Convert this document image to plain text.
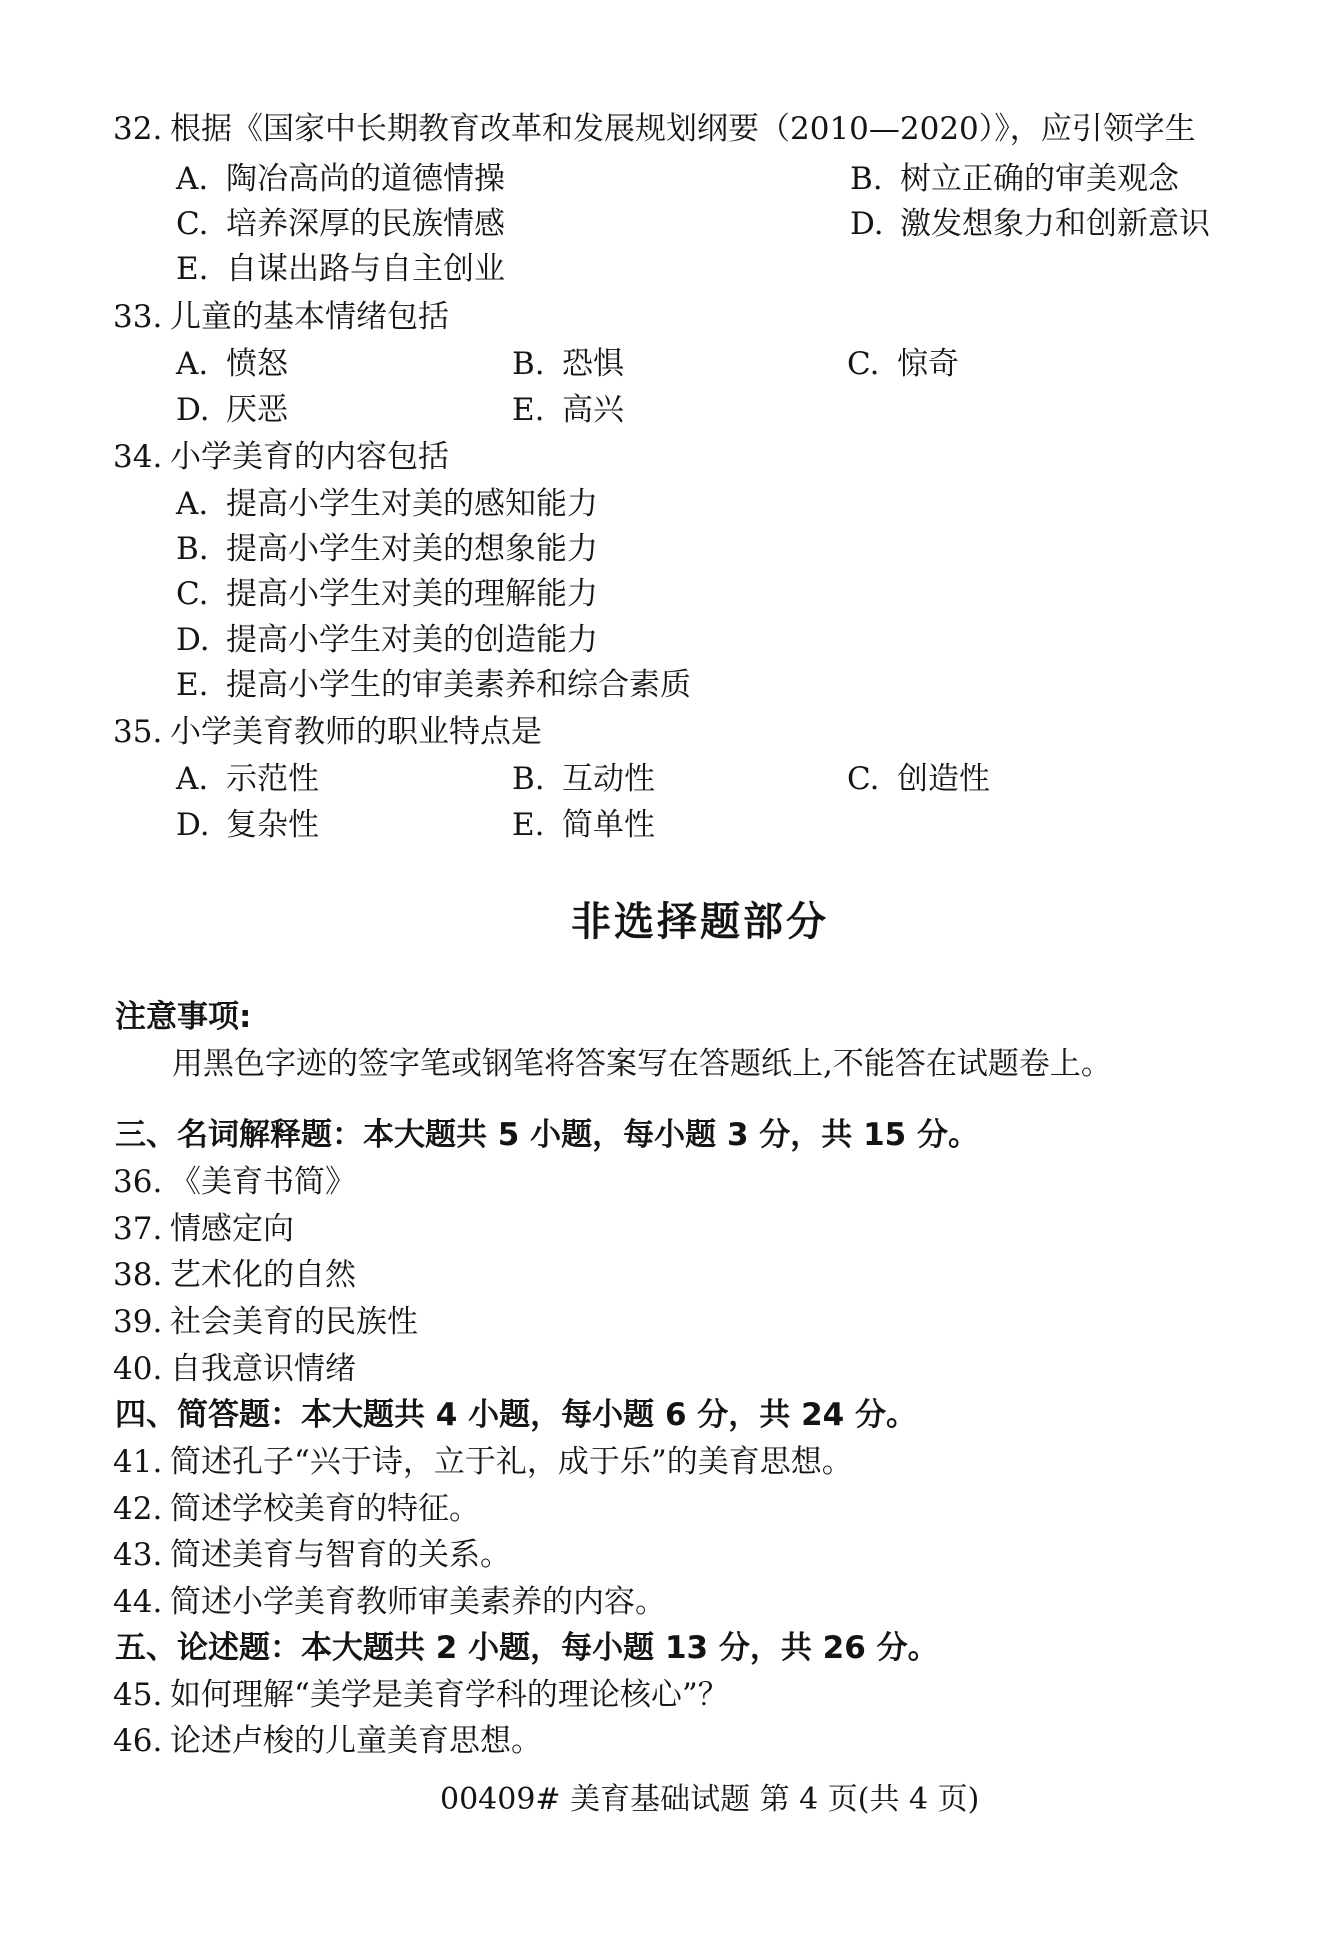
32. 根据《国家中长期教育改革和发展规划纲要（2010—2020）》，应引领学生
A. 陶冶高尚的道德情操	B. 树立正确的审美观念
C. 培养深厚的民族情感	D. 激发想象力和创新意识
E. 自谋出路与自主创业
33. 儿童的基本情绪包括
A. 愤怒	B. 恐惧	C. 惊奇
D. 厌恶	E. 高兴
34. 小学美育的内容包括
A. 提高小学生对美的感知能力
B. 提高小学生对美的想象能力
C. 提高小学生对美的理解能力
D. 提高小学生对美的创造能力
E. 提高小学生的审美素养和综合素质
35. 小学美育教师的职业特点是
A. 示范性	B. 互动性	C. 创造性
D. 复杂性	E. 简单性
非选择题部分
注意事项:
用黑色字迹的签字笔或钢笔将答案写在答题纸上,不能答在试题卷上。
三、名词解释题：本大题共 5 小题，每小题 3 分，共 15 分。
36. 《美育书简》
37. 情感定向
38. 艺术化的自然
39. 社会美育的民族性
40. 自我意识情绪
四、简答题：本大题共 4 小题，每小题 6 分，共 24 分。
41. 简述孔子“兴于诗，立于礼，成于乐”的美育思想。
42. 简述学校美育的特征。
43. 简述美育与智育的关系。
44. 简述小学美育教师审美素养的内容。
五、论述题：本大题共 2 小题，每小题 13 分，共 26 分。
45. 如何理解“美学是美育学科的理论核心”？
46. 论述卢梭的儿童美育思想。
00409# 美育基础试题 第 4 页(共 4 页)
